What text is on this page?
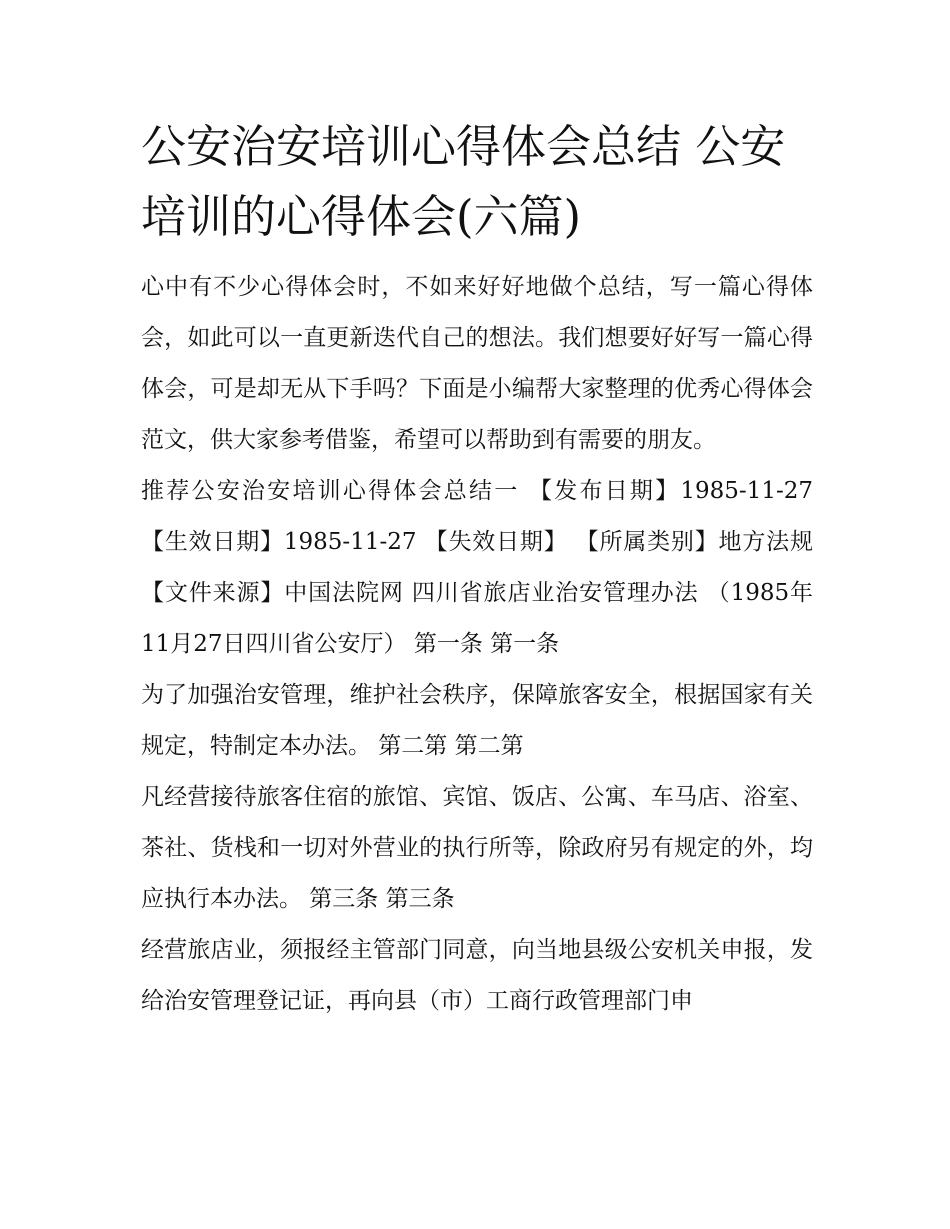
公安治安培训心得体会总结 公安培训的心得体会(六篇)

心中有不少心得体会时，不如来好好地做个总结，写一篇心得体会，如此可以一直更新迭代自己的想法。我们想要好好写一篇心得体会，可是却无从下手吗？下面是小编帮大家整理的优秀心得体会范文，供大家参考借鉴，希望可以帮助到有需要的朋友。

推荐公安治安培训心得体会总结一 【发布日期】1985-11-27 【生效日期】1985-11-27 【失效日期】 【所属类别】地方法规 【文件来源】中国法院网 四川省旅店业治安管理办法 （1985年11月27日四川省公安厅） 第一条 第一条

为了加强治安管理，维护社会秩序，保障旅客安全，根据国家有关规定，特制定本办法。 第二第 第二第

凡经营接待旅客住宿的旅馆、宾馆、饭店、公寓、车马店、浴室、茶社、货栈和一切对外营业的执行所等，除政府另有规定的外，均应执行本办法。 第三条 第三条

经营旅店业，须报经主管部门同意，向当地县级公安机关申报，发给治安管理登记证，再向县（市）工商行政管理部门申
